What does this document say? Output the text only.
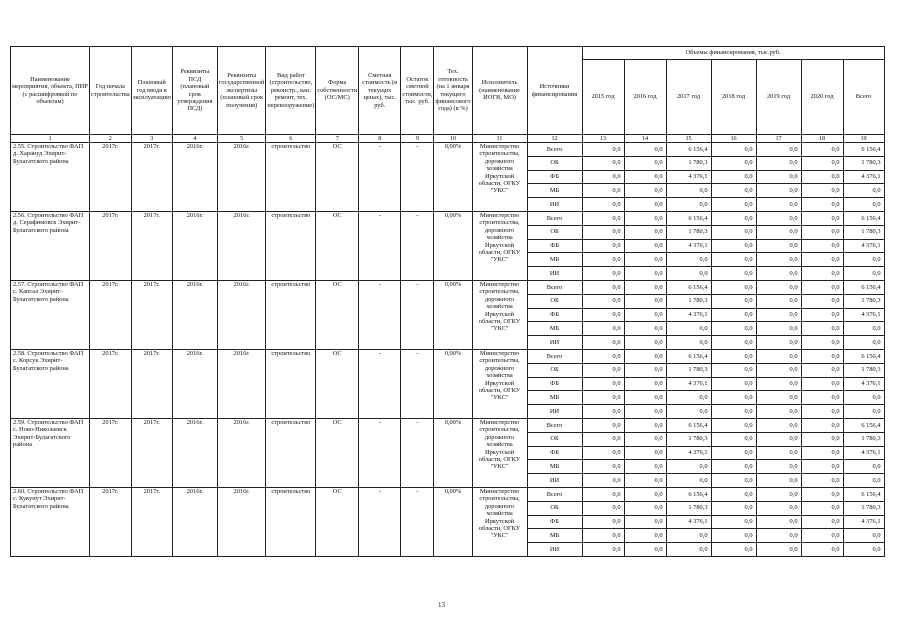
Наименование мероприятия, объекта, ПИР (с расшифровкой по объектам)	Год начала строительства	Плановый год ввода в эксплуатацию	Реквизиты ПСД (плановый срок утверждения ПСД)	Реквизиты государственной экспертизы (плановый срок получения)	Вид работ (строительство, реконстр., кап. ремонт, тех. перевооружение)	Форма собственности (ОС/МС)	Сметная стоимость (в текущих ценах), тыс. руб.	Остаток сметной стоимости, тыс. руб.	Тех. готовность (на 1 января текущего финансового года) (в %)	Исполнитель (наименование ИОГВ, МО)	Источники финансирования	Объемы финансирования, тыс.руб.						
												2015 год	2016 год	2017 год	2018 год	2019 год	2020 год	Всего
1	2	3	4	5	6	7	8	9	10	11	12	13	14	15	16	17	18	19
2.55. Строительство ФАП д. Харануд Эхирит-Булагатского района	2017г.	2017г.	2016г.	2016г.	строительство	ОС	-	-	0,00%	Министерство строительства, дорожного хозяйства Иркутской области, ОГКУ "УКС"	Всего	0,0	0,0	6 156,4	0,0	0,0	0,0	6 156,4
											ОБ	0,0	0,0	1 780,3	0,0	0,0	0,0	1 780,3
											ФБ	0,0	0,0	4 376,1	0,0	0,0	0,0	4 376,1
											МБ	0,0	0,0	0,0	0,0	0,0	0,0	0,0
											ИИ	0,0	0,0	0,0	0,0	0,0	0,0	0,0
2.56. Строительство ФАП д. Серафимовск Эхирит-Булагатского района	2017г.	2017г.	2016г.	2016г.	строительство	ОС	-	-	0,00%	Министерство строительства, дорожного хозяйства Иркутской области, ОГКУ "УКС"	Всего	0,0	0,0	6 156,4	0,0	0,0	0,0	6 156,4
											ОБ	0,0	0,0	1 780,3	0,0	0,0	0,0	1 780,3
											ФБ	0,0	0,0	4 376,1	0,0	0,0	0,0	4 376,1
											МБ	0,0	0,0	0,0	0,0	0,0	0,0	0,0
											ИИ	0,0	0,0	0,0	0,0	0,0	0,0	0,0
2.57. Строительство ФАП с. Капсал Эхирит-Булагатского района	2017г.	2017г.	2016г.	2016г.	строительство	ОС	-	-	0,00%	Министерство строительства, дорожного хозяйства Иркутской области, ОГКУ "УКС"	Всего	0,0	0,0	6 156,4	0,0	0,0	0,0	6 156,4
											ОБ	0,0	0,0	1 780,3	0,0	0,0	0,0	1 780,3
											ФБ	0,0	0,0	4 376,1	0,0	0,0	0,0	4 376,1
											МБ	0,0	0,0	0,0	0,0	0,0	0,0	0,0
											ИИ	0,0	0,0	0,0	0,0	0,0	0,0	0,0
2.58. Строительство ФАП с. Корсук Эхирит-Булагатского района	2017г.	2017г.	2016г.	2016г.	строительство	ОС	-	-	0,00%	Министерство строительства, дорожного хозяйства Иркутской области, ОГКУ "УКС"	Всего	0,0	0,0	6 156,4	0,0	0,0	0,0	6 156,4
											ОБ	0,0	0,0	1 780,3	0,0	0,0	0,0	1 780,3
											ФБ	0,0	0,0	4 376,1	0,0	0,0	0,0	4 376,1
											МБ	0,0	0,0	0,0	0,0	0,0	0,0	0,0
											ИИ	0,0	0,0	0,0	0,0	0,0	0,0	0,0
2.59. Строительство ФАП с. Ново-Николаевск Эхирит-Булагатского района	2017г.	2017г.	2016г.	2016г.	строительство	ОС	-	-	0,00%	Министерство строительства, дорожного хозяйства Иркутской области, ОГКУ "УКС"	Всего	0,0	0,0	6 156,4	0,0	0,0	0,0	6 156,4
											ОБ	0,0	0,0	1 780,3	0,0	0,0	0,0	1 780,3
											ФБ	0,0	0,0	4 376,1	0,0	0,0	0,0	4 376,1
											МБ	0,0	0,0	0,0	0,0	0,0	0,0	0,0
											ИИ	0,0	0,0	0,0	0,0	0,0	0,0	0,0
2.60. Строительство ФАП с. Кукунут Эхирит-Булагатского района	2017г.	2017г.	2016г.	2016г.	строительство	ОС	-	-	0,00%	Министерство строительства, дорожного хозяйства Иркутской области, ОГКУ "УКС"	Всего	0,0	0,0	6 156,4	0,0	0,0	0,0	6 156,4
											ОБ	0,0	0,0	1 780,3	0,0	0,0	0,0	1 780,3
											ФБ	0,0	0,0	4 376,1	0,0	0,0	0,0	4 376,1
											МБ	0,0	0,0	0,0	0,0	0,0	0,0	0,0
											ИИ	0,0	0,0	0,0	0,0	0,0	0,0	0,0
13
